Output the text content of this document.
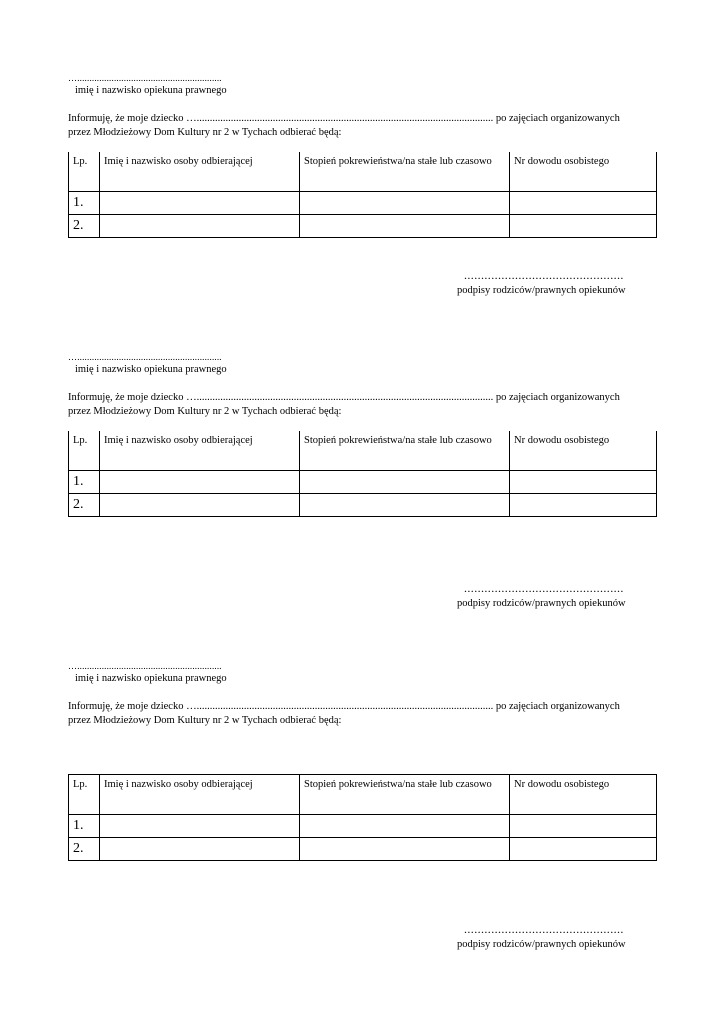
…...........................................................
imię i nazwisko opiekuna prawnego
Informuję, że moje dziecko …................................................................................................................. po zajęciach organizowanych
przez Młodzieżowy Dom Kultury nr 2 w Tychach odbierać będą:
Lp.	Imię i nazwisko osoby odbierającej	Stopień pokrewieństwa/na stałe lub czasowo	Nr dowodu osobistego
1.			
2.			
...............................................
podpisy rodziców/prawnych opiekunów
…...........................................................
imię i nazwisko opiekuna prawnego
Informuję, że moje dziecko …................................................................................................................. po zajęciach organizowanych
przez Młodzieżowy Dom Kultury nr 2 w Tychach odbierać będą:
Lp.	Imię i nazwisko osoby odbierającej	Stopień pokrewieństwa/na stałe lub czasowo	Nr dowodu osobistego
1.			
2.			
...............................................
podpisy rodziców/prawnych opiekunów
…...........................................................
imię i nazwisko opiekuna prawnego
Informuję, że moje dziecko …................................................................................................................. po zajęciach organizowanych
przez Młodzieżowy Dom Kultury nr 2 w Tychach odbierać będą:
Lp.	Imię i nazwisko osoby odbierającej	Stopień pokrewieństwa/na stałe lub czasowo	Nr dowodu osobistego
1.			
2.			
...............................................
podpisy rodziców/prawnych opiekunów
